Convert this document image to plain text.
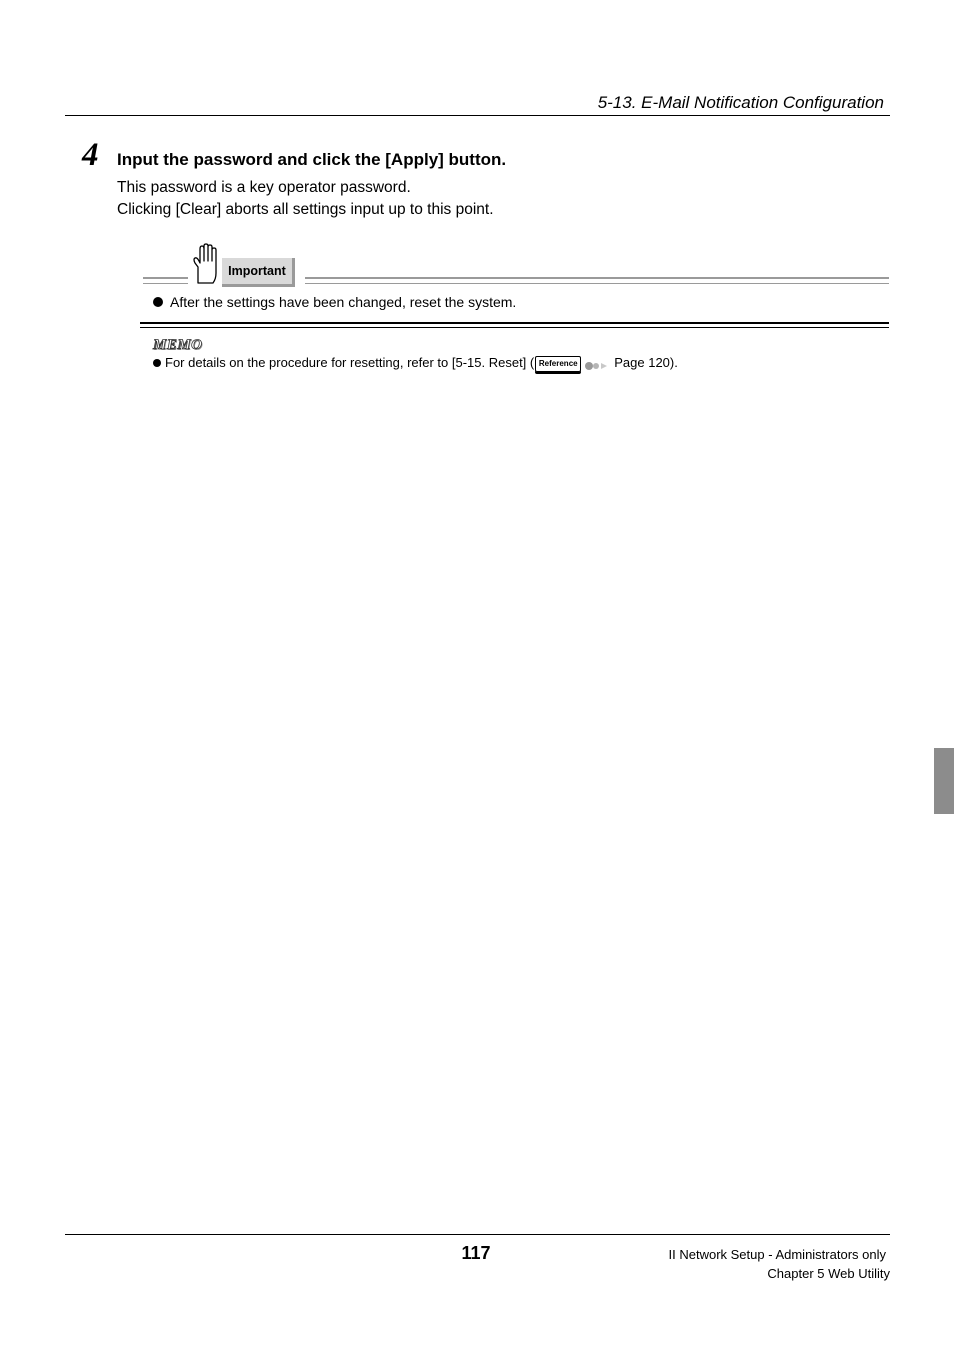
5-13. E-Mail Notification Configuration
4 Input the password and click the [Apply] button.
This password is a key operator password.
Clicking [Clear] aborts all settings input up to this point.
Important
After the settings have been changed, reset the system.
MEMO
For details on the procedure for resetting, refer to [5-15. Reset] ( Reference	Page 120).
117	II Network Setup - Administrators only
Chapter 5 Web Utility
